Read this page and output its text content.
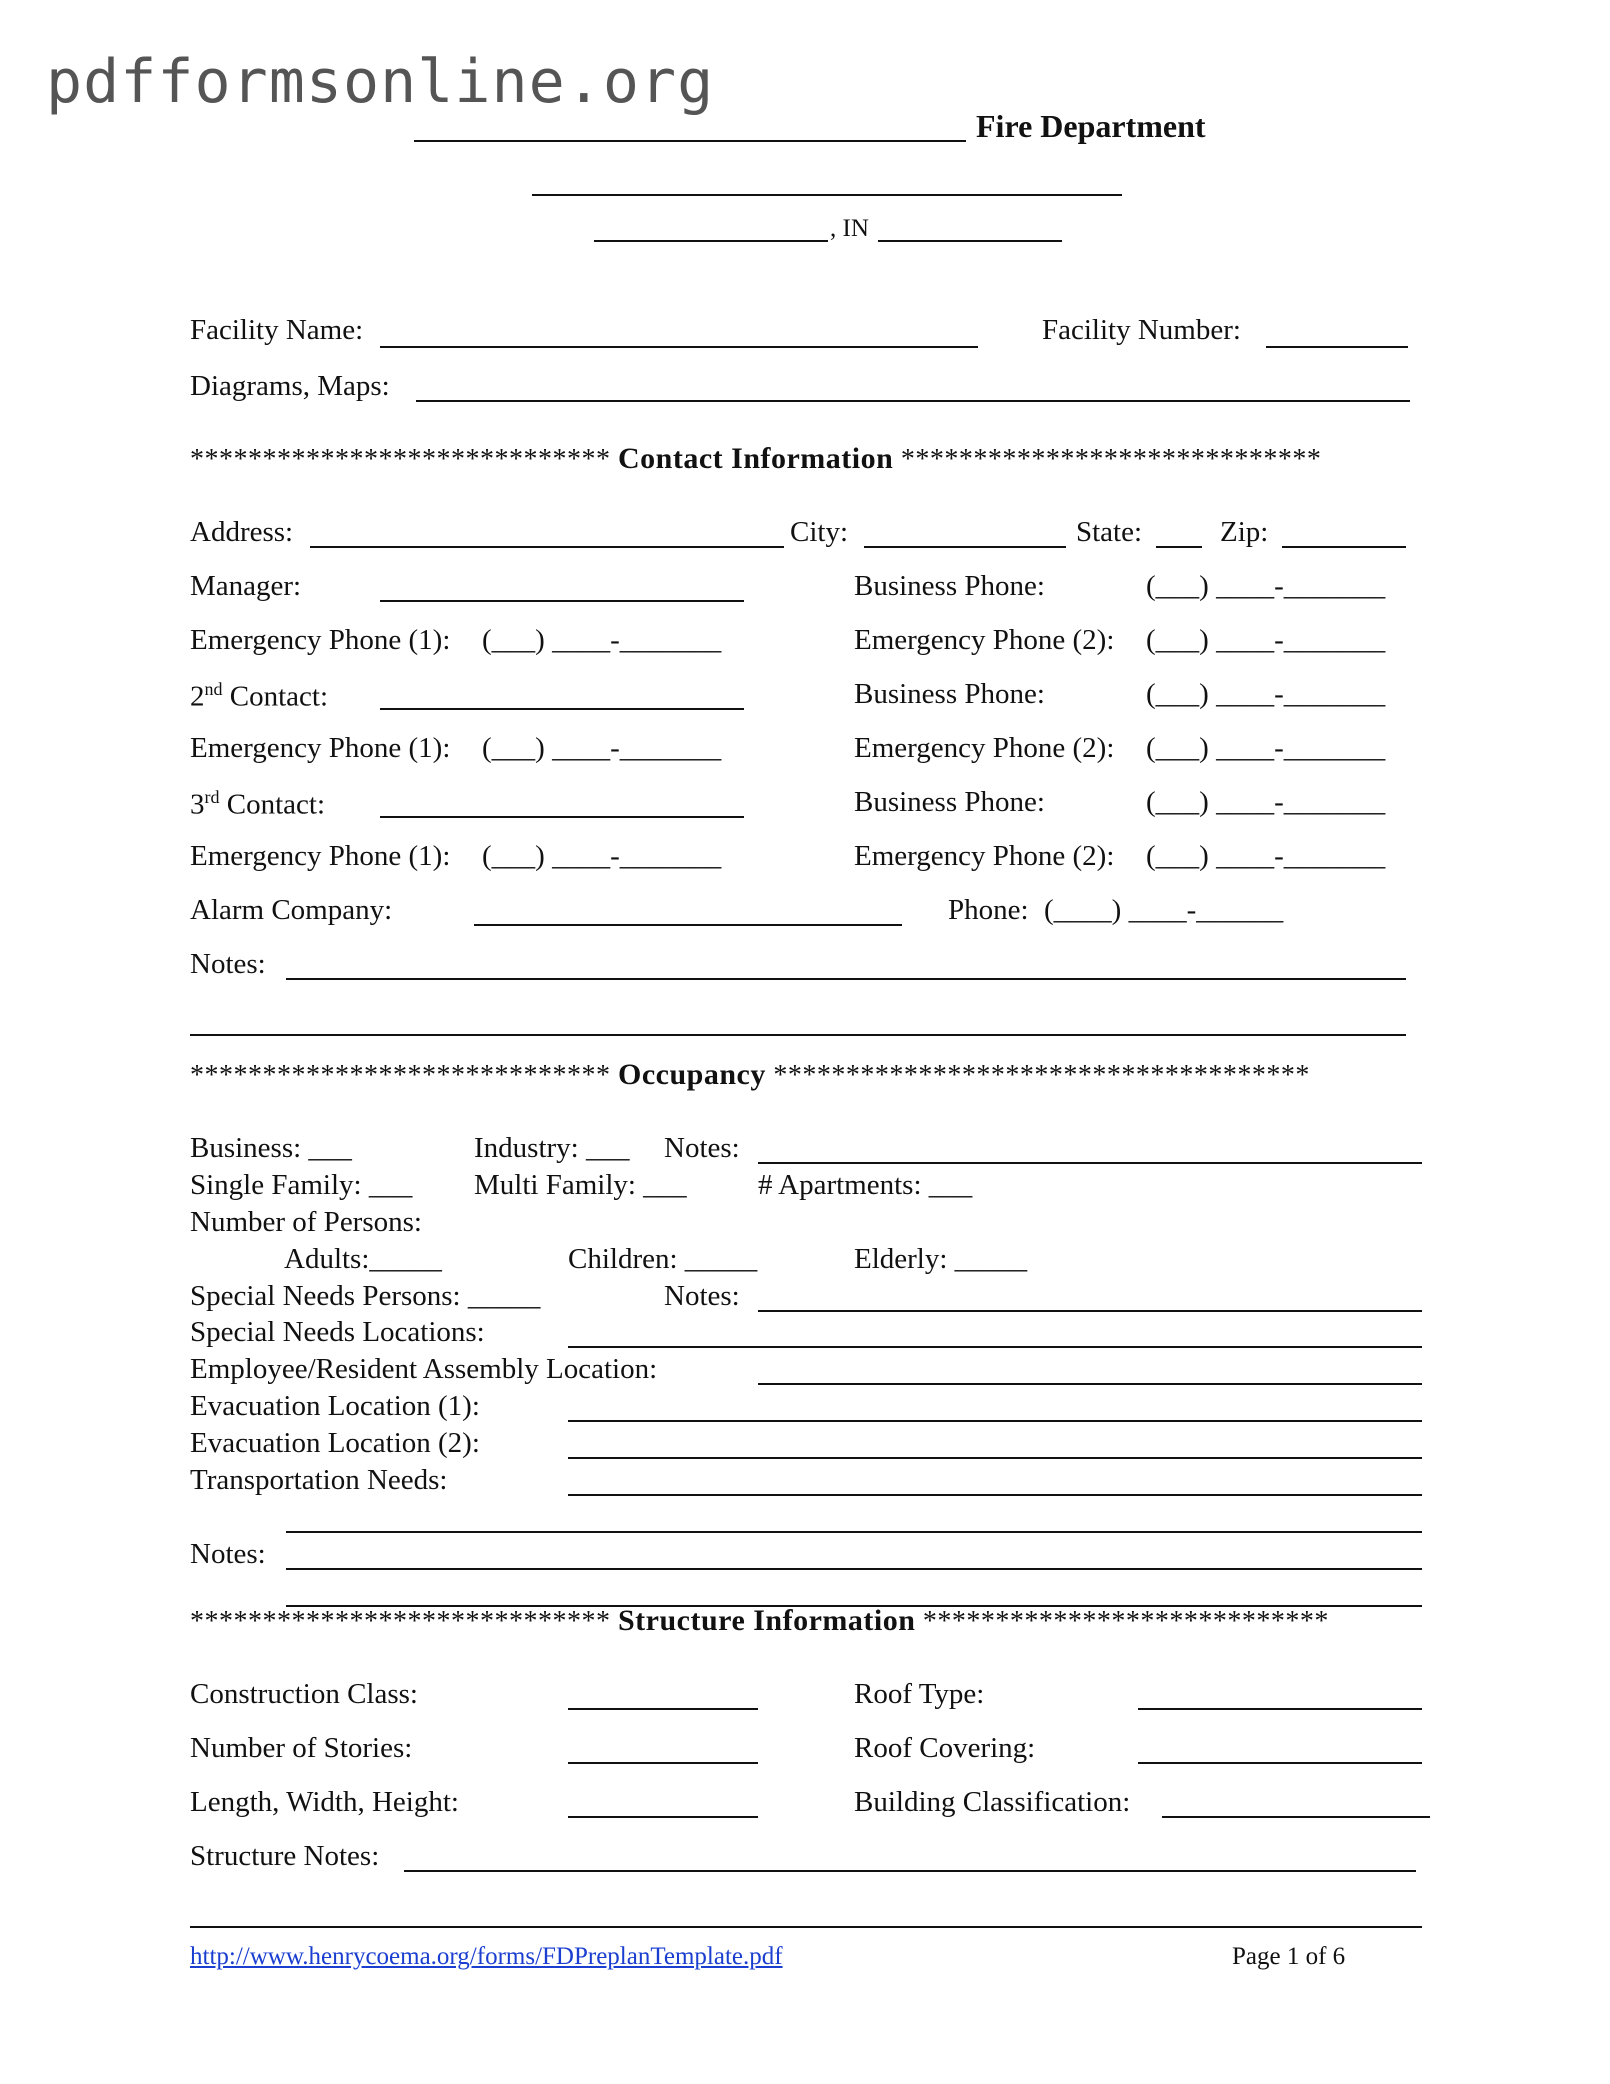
pdfformsonline.org
Fire Department
, IN
Facility Name:	Facility Number:
Diagrams, Maps:
***************************** Contact Information *****************************
Address:	City:	State:	Zip:
Manager:	Business Phone:	(___) ____-_______
Emergency Phone (1): (___) ____-_______	Emergency Phone (2): (___) ____-_______
2nd Contact:	Business Phone:	(___) ____-_______
Emergency Phone (1): (___) ____-_______	Emergency Phone (2): (___) ____-_______
3rd Contact:	Business Phone:	(___) ____-_______
Emergency Phone (1): (___) ____-_______	Emergency Phone (2): (___) ____-_______
Alarm Company:	Phone: (____) ____-______
Notes:
***************************** Occupancy *************************************
Business: ___	Industry: ___ Notes:
Single Family: ___ Multi Family: ___ # Apartments: ___
Number of Persons:
Adults:_____	Children: _____	Elderly: _____
Special Needs Persons: _____	Notes:
Special Needs Locations:
Employee/Resident Assembly Location:
Evacuation Location (1):
Evacuation Location (2):
Transportation Needs:
Notes:
***************************** Structure Information ****************************
Construction Class:	Roof Type:
Number of Stories:	Roof Covering:
Length, Width, Height:	Building Classification:
Structure Notes:
http://www.henrycoema.org/forms/FDPreplanTemplate.pdf	Page 1 of 6
